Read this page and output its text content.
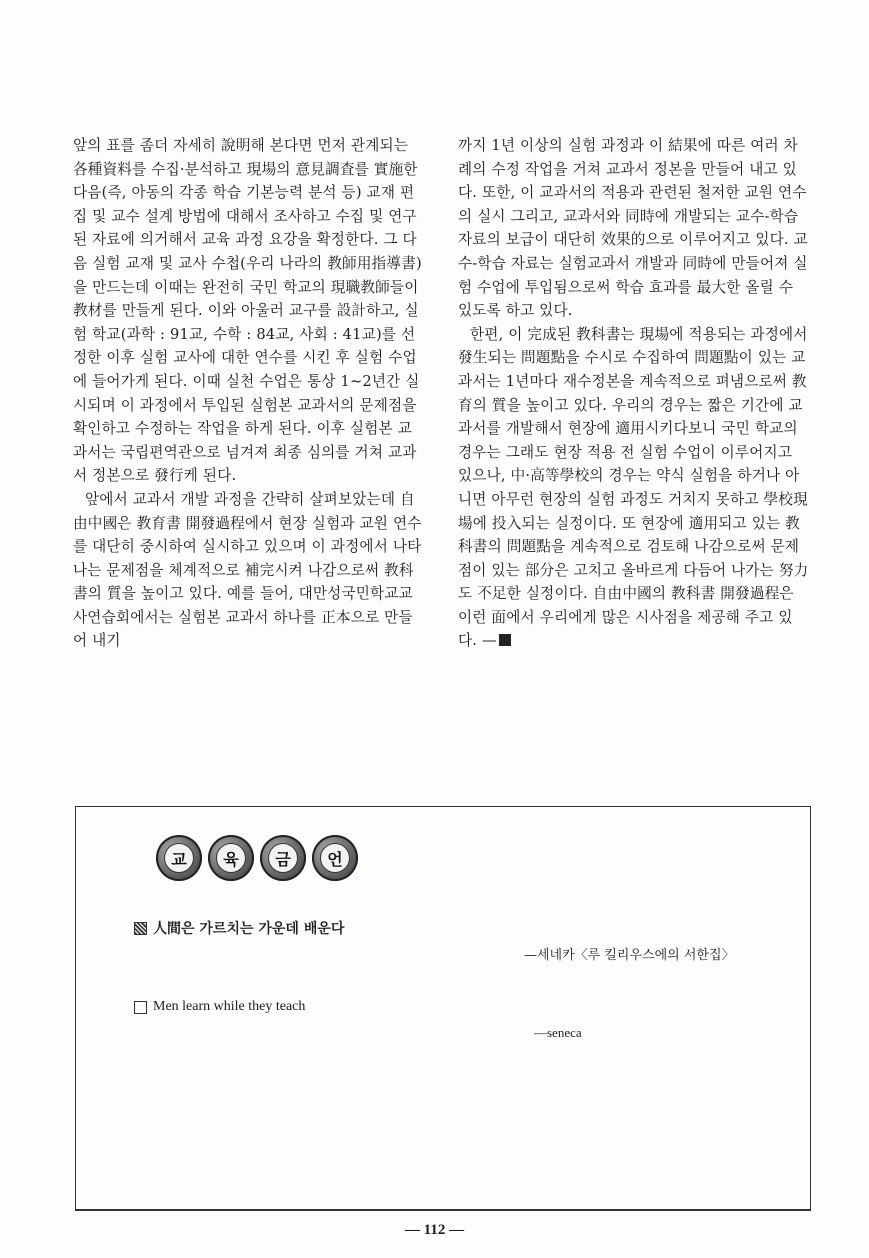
앞의 표를 좀더 자세히 說明해 본다면 먼저 관계되는 各種資料를 수집·분석하고 現場의 意見調査를 實施한 다음(즉, 아동의 각종 학습 기본능력 분석 등) 교재 편집 및 교수 설계 방법에 대해서 조사하고 수집 및 연구된 자료에 의거해서 교육 과정 요강을 확정한다. 그 다음 실험 교재 및 교사 수첩(우리 나라의 教師用指導書)을 만드는데 이때는 완전히 국민 학교의 現職教師들이 教材를 만들게 된다. 이와 아울러 교구를 設計하고, 실험 학교(과학 : 91교, 수학 : 84교, 사회 : 41교)를 선정한 이후 실험 교사에 대한 연수를 시킨 후 실험 수업에 들어가게 된다. 이때 실천 수업은 통상 1~2년간 실시되며 이 과정에서 투입된 실험본 교과서의 문제점을 확인하고 수정하는 작업을 하게 된다. 이후 실험본 교과서는 국립편역관으로 넘겨져 최종 심의를 거쳐 교과서 정본으로 發行케 된다.

앞에서 교과서 개발 과정을 간략히 살펴보았는데 自由中國은 教育書 開發過程에서 현장 실험과 교원 연수를 대단히 중시하여 실시하고 있으며 이 과정에서 나타나는 문제점을 체계적으로 補完시켜 나감으로써 教科書의 質을 높이고 있다. 예를 들어, 대만성국민학교교사연습회에서는 실험본 교과서 하나를 正本으로 만들어 내기

까지 1년 이상의 실험 과정과 이 結果에 따른 여러 차례의 수정 작업을 거쳐 교과서 정본을 만들어 내고 있다. 또한, 이 교과서의 적용과 관련된 철저한 교원 연수의 실시 그리고, 교과서와 同時에 개발되는 교수-학습 자료의 보급이 대단히 效果的으로 이루어지고 있다. 교수-학습 자료는 실험교과서 개발과 同時에 만들어져 실험 수업에 투입됨으로써 학습 효과를 最大한 올릴 수 있도록 하고 있다.

한편, 이 完成된 教科書는 現場에 적용되는 과정에서 發生되는 問題點을 수시로 수집하여 問題點이 있는 교과서는 1년마다 재수정본을 계속적으로 펴냄으로써 教育의 質을 높이고 있다. 우리의 경우는 짧은 기간에 교과서를 개발해서 현장에 適用시키다보니 국민 학교의 경우는 그래도 현장 적용 전 실험 수업이 이루어지고 있으나, 中·高等學校의 경우는 약식 실험을 하거나 아니면 아무런 현장의 실험 과정도 거치지 못하고 學校現場에 投入되는 실정이다. 또 현장에 適用되고 있는 教科書의 問題點을 계속적으로 검토해 나감으로써 문제점이 있는 部分은 고치고 올바르게 다듬어 나가는 努力도 不足한 실정이다. 自由中國의 教科書 開發過程은 이런 面에서 우리에게 많은 시사점을 제공해 주고 있다. —

교	육	금	언
人間은 가르치는 가운데 배운다
—세네카〈루 킬리우스에의 서한집〉
Men learn while they teach
—seneca
— 112 —
